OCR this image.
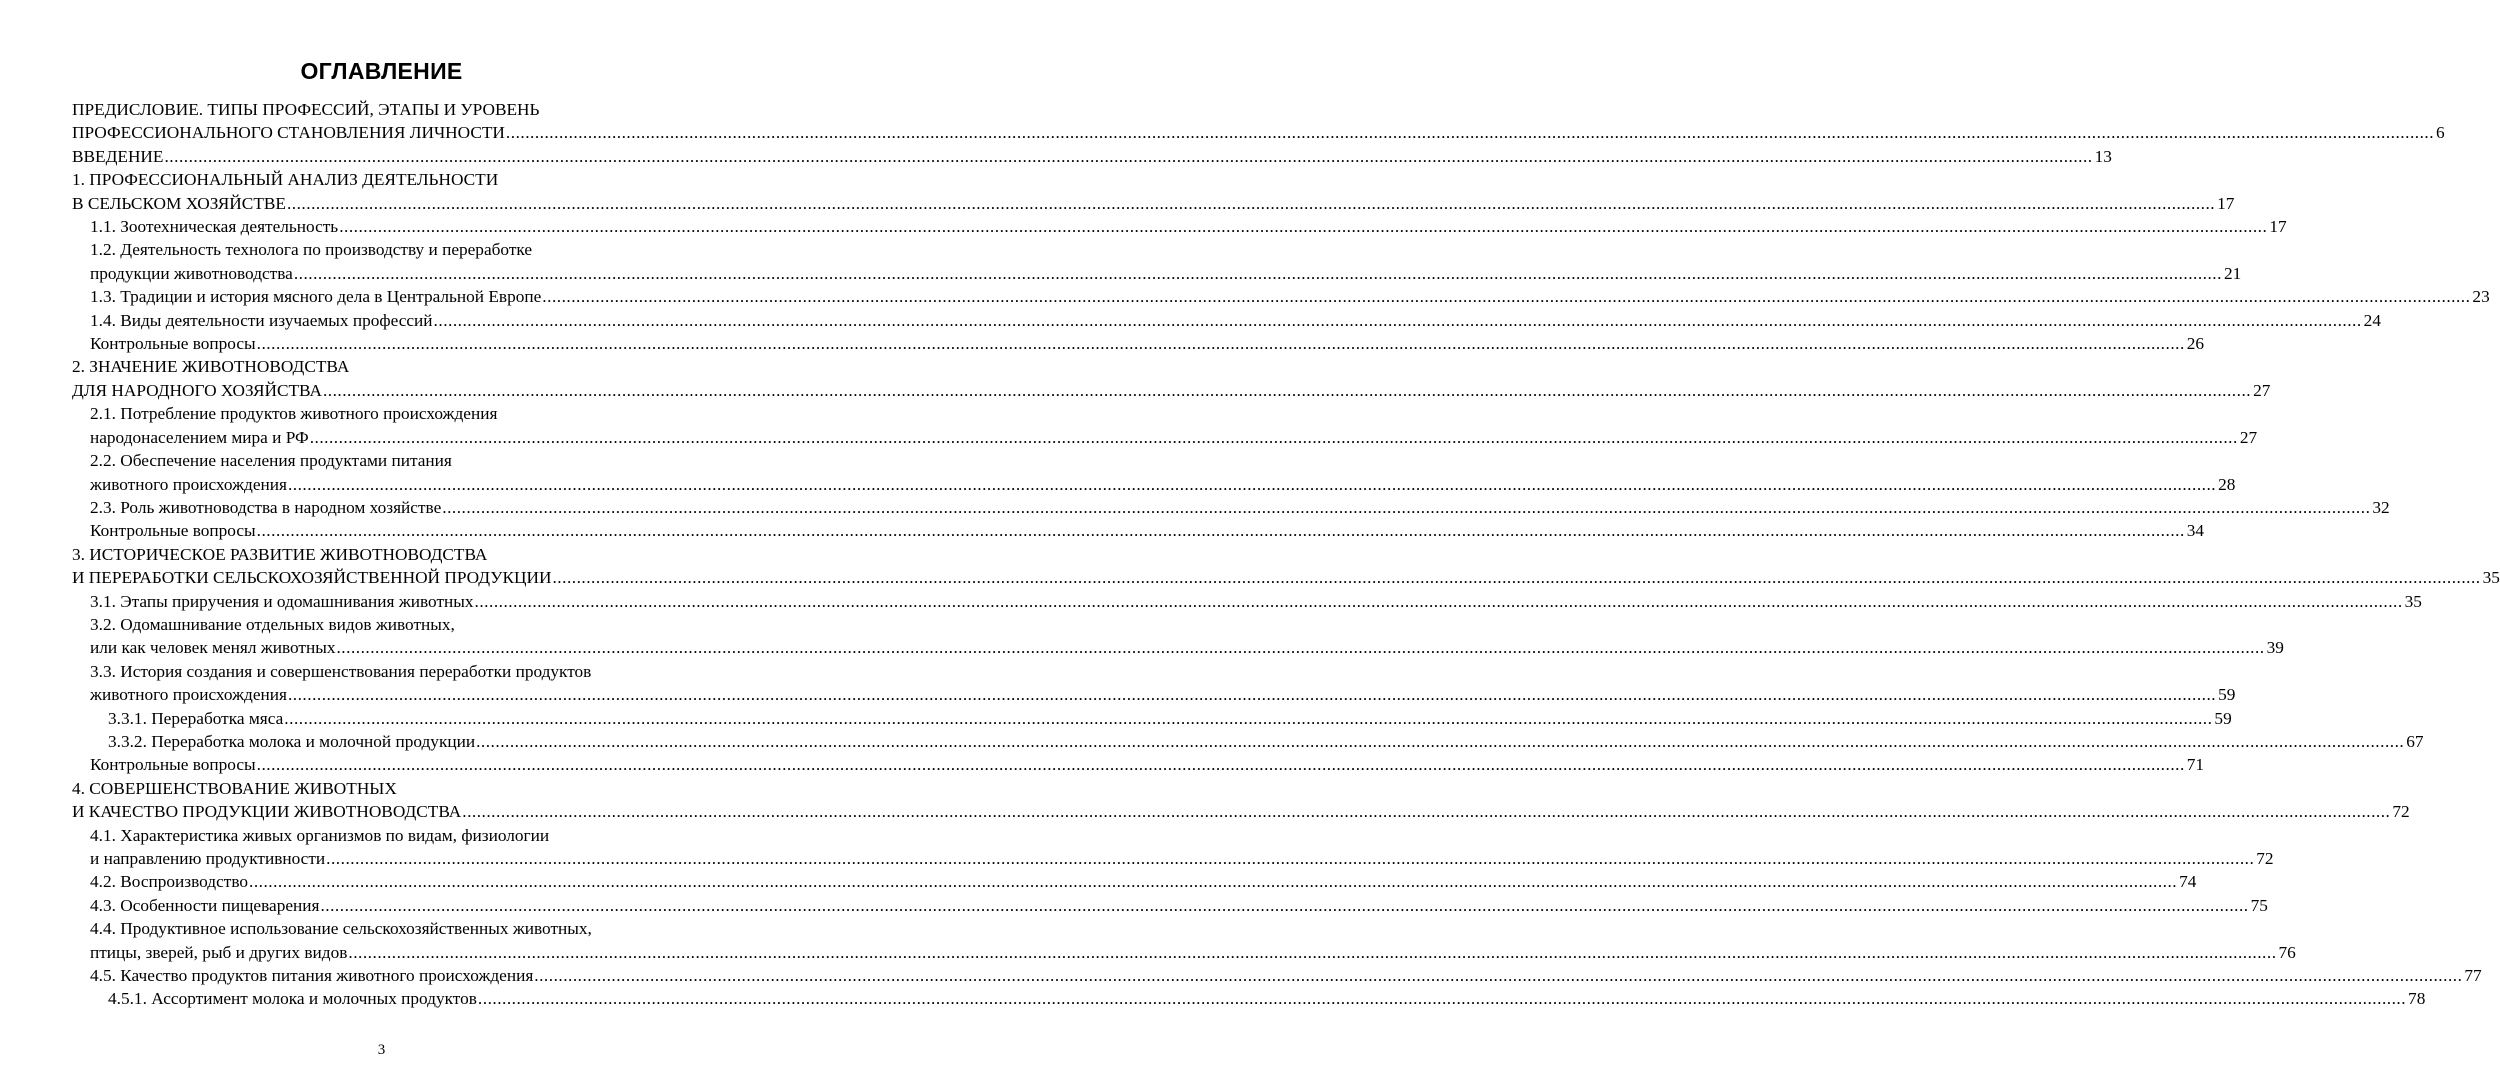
ОГЛАВЛЕНИЕ
ПРЕДИСЛОВИЕ. ТИПЫ ПРОФЕССИЙ, ЭТАПЫ И УРОВЕНЬ
ПРОФЕССИОНАЛЬНОГО СТАНОВЛЕНИЯ ЛИЧНОСТИ ................................................................................................................................................................................................................................................................................................................................................................................................................ 6
ВВЕДЕНИЕ ................................................................................................................................................................................................................................................................................................................................................................................................................ 13
1. ПРОФЕССИОНАЛЬНЫЙ АНАЛИЗ ДЕЯТЕЛЬНОСТИ
В СЕЛЬСКОМ ХОЗЯЙСТВЕ ................................................................................................................................................................................................................................................................................................................................................................................................................ 17
1.1. Зоотехническая деятельность ................................................................................................................................................................................................................................................................................................................................................................................................................ 17
1.2. Деятельность технолога по производству и переработке
продукции животноводства ................................................................................................................................................................................................................................................................................................................................................................................................................ 21
1.3. Традиции и история мясного дела в Центральной Европе ................................................................................................................................................................................................................................................................................................................................................................................................................ 23
1.4. Виды деятельности изучаемых профессий ................................................................................................................................................................................................................................................................................................................................................................................................................ 24
Контрольные вопросы ................................................................................................................................................................................................................................................................................................................................................................................................................ 26
2. ЗНАЧЕНИЕ ЖИВОТНОВОДСТВА
ДЛЯ НАРОДНОГО ХОЗЯЙСТВА ................................................................................................................................................................................................................................................................................................................................................................................................................ 27
2.1. Потребление продуктов животного происхождения
народонаселением мира и РФ ................................................................................................................................................................................................................................................................................................................................................................................................................ 27
2.2. Обеспечение населения продуктами питания
животного происхождения ................................................................................................................................................................................................................................................................................................................................................................................................................ 28
2.3. Роль животноводства в народном хозяйстве ................................................................................................................................................................................................................................................................................................................................................................................................................ 32
Контрольные вопросы ................................................................................................................................................................................................................................................................................................................................................................................................................ 34
3. ИСТОРИЧЕСКОЕ РАЗВИТИЕ ЖИВОТНОВОДСТВА
И ПЕРЕРАБОТКИ СЕЛЬСКОХОЗЯЙСТВЕННОЙ ПРОДУКЦИИ ................................................................................................................................................................................................................................................................................................................................................................................................................ 35
3.1. Этапы приручения и одомашнивания животных ................................................................................................................................................................................................................................................................................................................................................................................................................ 35
3.2. Одомашнивание отдельных видов животных,
или как человек менял животных ................................................................................................................................................................................................................................................................................................................................................................................................................ 39
3.3. История создания и совершенствования переработки продуктов
животного происхождения ................................................................................................................................................................................................................................................................................................................................................................................................................ 59
3.3.1. Переработка мяса ................................................................................................................................................................................................................................................................................................................................................................................................................ 59
3.3.2. Переработка молока и молочной продукции ................................................................................................................................................................................................................................................................................................................................................................................................................ 67
Контрольные вопросы ................................................................................................................................................................................................................................................................................................................................................................................................................ 71
4. СОВЕРШЕНСТВОВАНИЕ ЖИВОТНЫХ
И КАЧЕСТВО ПРОДУКЦИИ ЖИВОТНОВОДСТВА ................................................................................................................................................................................................................................................................................................................................................................................................................ 72
4.1. Характеристика живых организмов по видам, физиологии
и направлению продуктивности ................................................................................................................................................................................................................................................................................................................................................................................................................ 72
4.2. Воспроизводство ................................................................................................................................................................................................................................................................................................................................................................................................................ 74
4.3. Особенности пищеварения ................................................................................................................................................................................................................................................................................................................................................................................................................ 75
4.4. Продуктивное использование сельскохозяйственных животных,
птицы, зверей, рыб и других видов ................................................................................................................................................................................................................................................................................................................................................................................................................ 76
4.5. Качество продуктов питания животного происхождения ................................................................................................................................................................................................................................................................................................................................................................................................................ 77
4.5.1. Ассортимент молока и молочных продуктов ................................................................................................................................................................................................................................................................................................................................................................................................................ 78
3
